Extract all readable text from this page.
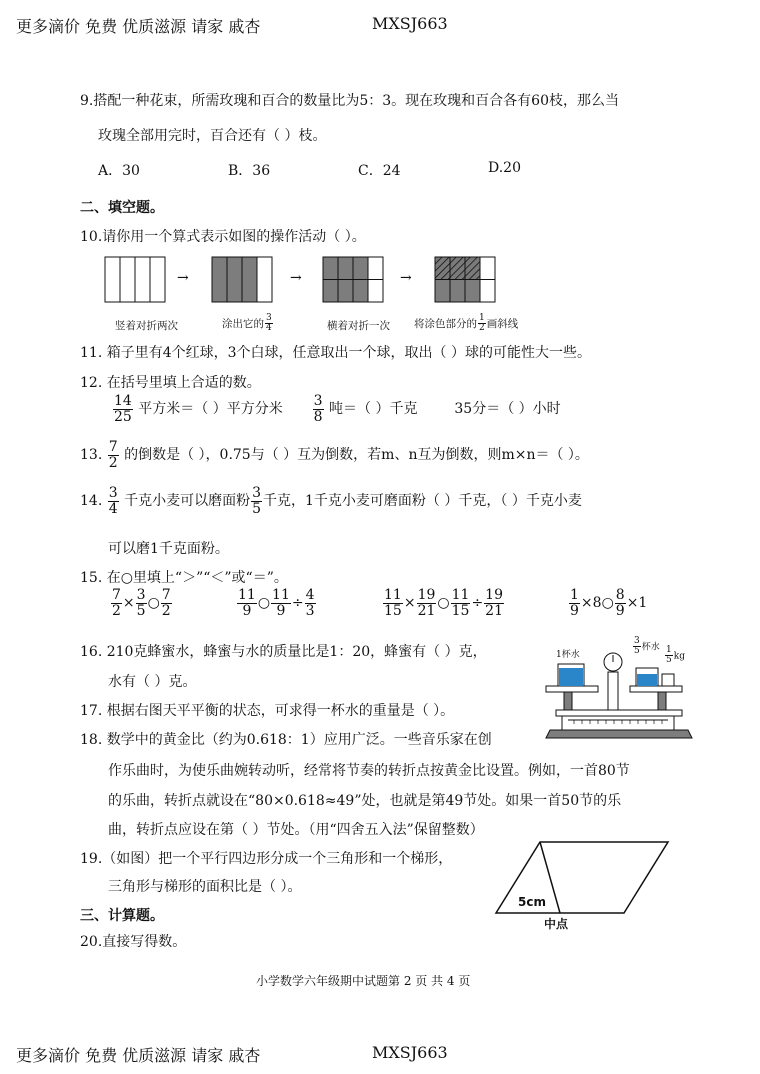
更多滴价 免费 优质滋源 请家 戚杏	MXSJ663
9.搭配一种花束，所需玫瑰和百合的数量比为5：3。现在玫瑰和百合各有60枝，那么当
玫瑰全部用完时，百合还有（ ）枝。
A．30	B．36	C．24	D.20
二、填空题。
10.请你用一个算式表示如图的操作活动（ ）。
→	→	→
竖着对折两次	涂出它的 $\frac{3}{4}$	横着对折一次 将涂色部分的 $\frac{1}{2}$ 画斜线
11. 箱子里有4个红球，3个白球，任意取出一个球，取出（ ）球的可能性大一些。
12. 在括号里填上合适的数。
$\frac{14}{25}$ 平方米＝（ ）平方分米 $\frac{3}{8}$ 吨＝（ ）千克	35分＝（ ）小时
13. $\frac{7}{2}$ 的倒数是（ ），0.75与（ ）互为倒数，若m、n互为倒数，则m×n＝（ ）。
14. $\frac{3}{4}$ 千克小麦可以磨面粉 $\frac{3}{5}$ 千克，1千克小麦可磨面粉（ ）千克，（ ）千克小麦
可以磨1千克面粉。
15. 在○里填上“＞”“＜”或“＝”。
$\frac{7}{2} \times \frac{3}{5}$ ○ $\frac{7}{2}$	$\frac{11}{9}$ ○ $\frac{11}{9} \div \frac{4}{3}$	$\frac{11}{15} \times \frac{19}{21}$ ○ $\frac{11}{15} \div \frac{19}{21}$	$\frac{1}{9}$ ×8○ $\frac{8}{9} \times 1$
16. 210克蜂蜜水，蜂蜜与水的质量比是1：20，蜂蜜有（ ）克，
水有（ ）克。
17. 根据右图天平平衡的状态，可求得一杯水的重量是（ ）。
1杯水	$\frac{3}{5}$ 杯水 $\frac{1}{5}$ kg
18. 数学中的黄金比（约为0.618：1）应用广泛。一些音乐家在创
作乐曲时，为使乐曲婉转动听，经常将节奏的转折点按黄金比设置。例如，一首80节
的乐曲，转折点就设在“80×0.618≈49”处，也就是第49节处。如果一首50节的乐
曲，转折点应设在第（ ）节处。（用“四舍五入法”保留整数）
19.（如图）把一个平行四边形分成一个三角形和一个梯形，
三角形与梯形的面积比是（ ）。
5cm
中点
三、计算题。
20.直接写得数。
小学数学六年级期中试题第 2 页 共 4 页
更多滴价 免费 优质滋源 请家 戚杏	MXSJ663
